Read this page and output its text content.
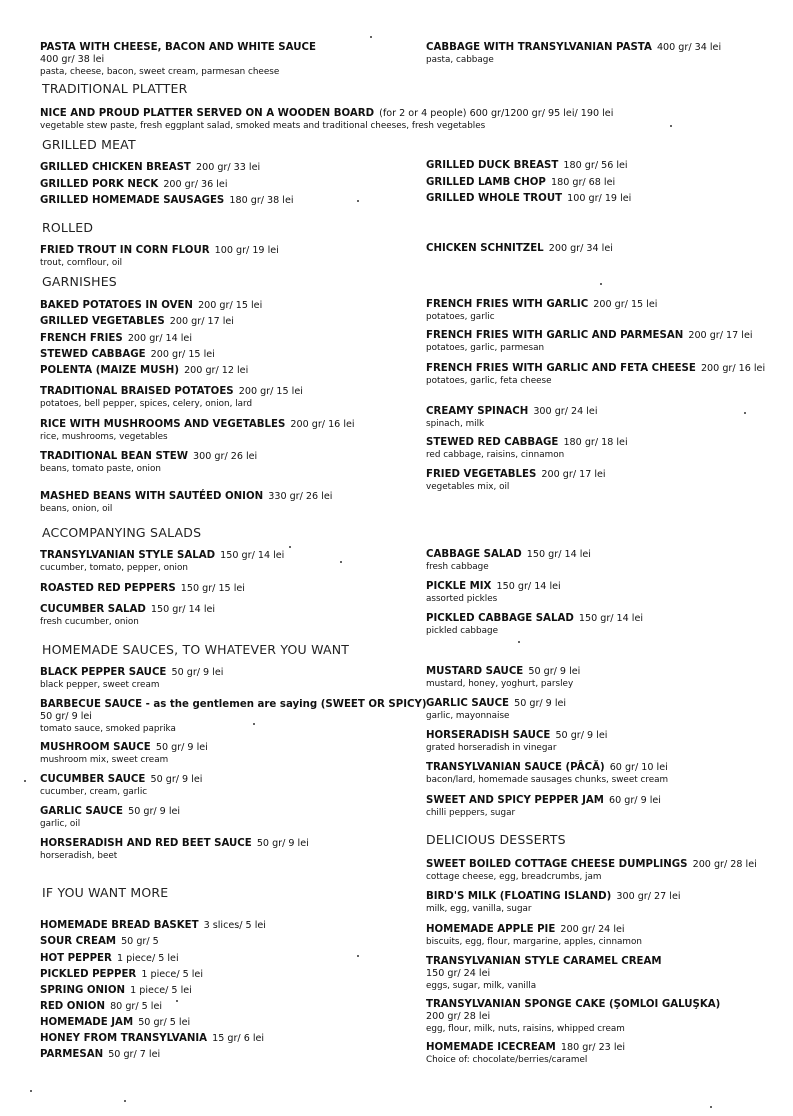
PASTA WITH CHEESE, BACON AND WHITE SAUCE
400 gr/ 38 lei
pasta, cheese, bacon, sweet cream, parmesan cheese
CABBAGE WITH TRANSYLVANIAN PASTA 400 gr/ 34 lei
pasta, cabbage
TRADITIONAL PLATTER
NICE AND PROUD PLATTER SERVED ON A WOODEN BOARD (for 2 or 4 people) 600 gr/1200 gr/ 95 lei/ 190 lei
vegetable stew paste, fresh eggplant salad, smoked meats and traditional cheeses, fresh vegetables
GRILLED MEAT
GRILLED CHICKEN BREAST 200 gr/ 33 lei
GRILLED PORK NECK 200 gr/ 36 lei
GRILLED HOMEMADE SAUSAGES 180 gr/ 38 lei
GRILLED DUCK BREAST 180 gr/ 56 lei
GRILLED LAMB CHOP 180 gr/ 68 lei
GRILLED WHOLE TROUT 100 gr/ 19 lei
ROLLED
FRIED TROUT IN CORN FLOUR 100 gr/ 19 lei
trout, cornflour, oil
CHICKEN SCHNITZEL 200 gr/ 34 lei
GARNISHES
BAKED POTATOES IN OVEN 200 gr/ 15 lei
GRILLED VEGETABLES 200 gr/ 17 lei
FRENCH FRIES 200 gr/ 14 lei
STEWED CABBAGE 200 gr/ 15 lei
POLENTA (MAIZE MUSH) 200 gr/ 12 lei
TRADITIONAL BRAISED POTATOES 200 gr/ 15 lei
potatoes, bell pepper, spices, celery, onion, lard
RICE WITH MUSHROOMS AND VEGETABLES 200 gr/ 16 lei
rice, mushrooms, vegetables
TRADITIONAL BEAN STEW 300 gr/ 26 lei
beans, tomato paste, onion
MASHED BEANS WITH SAUTÉED ONION 330 gr/ 26 lei
beans, onion, oil
FRENCH FRIES WITH GARLIC 200 gr/ 15 lei
potatoes, garlic
FRENCH FRIES WITH GARLIC AND PARMESAN 200 gr/ 17 lei
potatoes, garlic, parmesan
FRENCH FRIES WITH GARLIC AND FETA CHEESE 200 gr/ 16 lei
potatoes, garlic, feta cheese
CREAMY SPINACH 300 gr/ 24 lei
spinach, milk
STEWED RED CABBAGE 180 gr/ 18 lei
red cabbage, raisins, cinnamon
FRIED VEGETABLES 200 gr/ 17 lei
vegetables mix, oil
ACCOMPANYING SALADS
TRANSYLVANIAN STYLE SALAD 150 gr/ 14 lei
cucumber, tomato, pepper, onion
ROASTED RED PEPPERS 150 gr/ 15 lei
CUCUMBER SALAD 150 gr/ 14 lei
fresh cucumber, onion
CABBAGE SALAD 150 gr/ 14 lei
fresh cabbage
PICKLE MIX 150 gr/ 14 lei
assorted pickles
PICKLED CABBAGE SALAD 150 gr/ 14 lei
pickled cabbage
HOMEMADE SAUCES, TO WHATEVER YOU WANT
BLACK PEPPER SAUCE 50 gr/ 9 lei
black pepper, sweet cream
BARBECUE SAUCE - as the gentlemen are saying (SWEET OR SPICY)
50 gr/ 9 lei
tomato sauce, smoked paprika
MUSHROOM SAUCE 50 gr/ 9 lei
mushroom mix, sweet cream
CUCUMBER SAUCE 50 gr/ 9 lei
cucumber, cream, garlic
GARLIC SAUCE 50 gr/ 9 lei
garlic, oil
HORSERADISH AND RED BEET SAUCE 50 gr/ 9 lei
horseradish, beet
MUSTARD SAUCE 50 gr/ 9 lei
mustard, honey, yoghurt, parsley
GARLIC SAUCE 50 gr/ 9 lei
garlic, mayonnaise
HORSERADISH SAUCE 50 gr/ 9 lei
grated horseradish in vinegar
TRANSYLVANIAN SAUCE (PÂCĂ) 60 gr/ 10 lei
bacon/lard, homemade sausages chunks, sweet cream
SWEET AND SPICY PEPPER JAM 60 gr/ 9 lei
chilli peppers, sugar
DELICIOUS DESSERTS
SWEET BOILED COTTAGE CHEESE DUMPLINGS 200 gr/ 28 lei
cottage cheese, egg, breadcrumbs, jam
BIRD'S MILK (FLOATING ISLAND) 300 gr/ 27 lei
milk, egg, vanilla, sugar
HOMEMADE APPLE PIE 200 gr/ 24 lei
biscuits, egg, flour, margarine, apples, cinnamon
TRANSYLVANIAN STYLE CARAMEL CREAM
150 gr/ 24 lei
eggs, sugar, milk, vanilla
TRANSYLVANIAN SPONGE CAKE (ŞOMLOI GALUŞKA)
200 gr/ 28 lei
egg, flour, milk, nuts, raisins, whipped cream
HOMEMADE ICECREAM 180 gr/ 23 lei
Choice of: chocolate/berries/caramel
IF YOU WANT MORE
HOMEMADE BREAD BASKET 3 slices/ 5 lei
SOUR CREAM 50 gr/ 5
HOT PEPPER 1 piece/ 5 lei
PICKLED PEPPER 1 piece/ 5 lei
SPRING ONION 1 piece/ 5 lei
RED ONION 80 gr/ 5 lei
HOMEMADE JAM 50 gr/ 5 lei
HONEY FROM TRANSYLVANIA 15 gr/ 6 lei
PARMESAN 50 gr/ 7 lei
